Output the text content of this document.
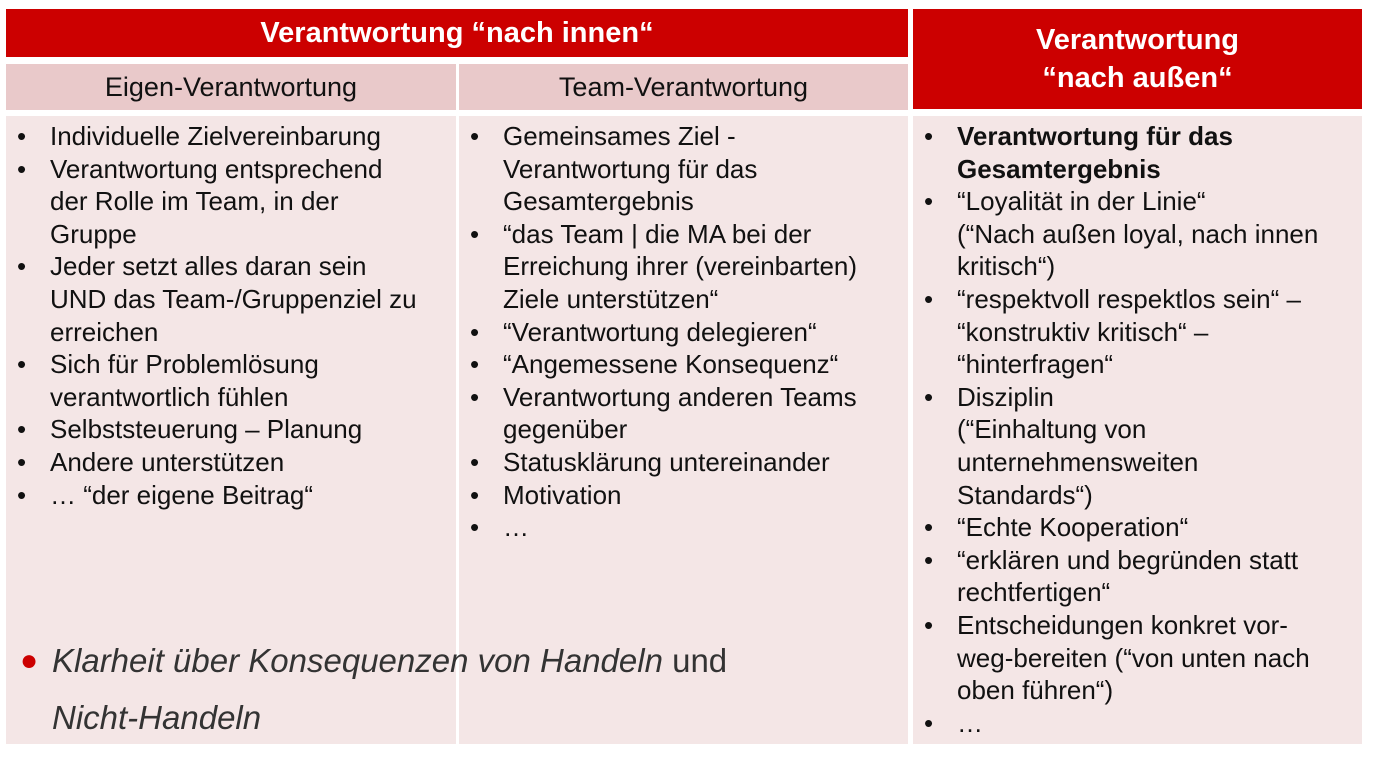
Verantwortung “nach innen“	Verantwortung
“nach außen“
Eigen-Verantwortung	Team-Verantwortung
• Individuelle Zielvereinbarung
• Verantwortung entsprechend
der Rolle im Team, in der
Gruppe
• Jeder setzt alles daran sein
UND das Team-/Gruppenziel zu
erreichen
• Sich für Problemlösung
verantwortlich fühlen
• Selbststeuerung – Planung
• Andere unterstützen
• … “der eigene Beitrag“
• Gemeinsames Ziel -
Verantwortung für das
Gesamtergebnis
• “das Team | die MA bei der
Erreichung ihrer (vereinbarten)
Ziele unterstützen“
• “Verantwortung delegieren“
• “Angemessene Konsequenz“
• Verantwortung anderen Teams
gegenüber
• Statusklärung untereinander
• Motivation
• …
• Verantwortung für das
Gesamtergebnis
• “Loyalität in der Linie“
(“Nach außen loyal, nach innen
kritisch“)
• “respektvoll respektlos sein“ –
“konstruktiv kritisch“ –
“hinterfragen“
• Disziplin
(“Einhaltung von
unternehmensweiten
Standards“)
• “Echte Kooperation“
• “erklären und begründen statt
rechtfertigen“
• Entscheidungen konkret vor-
weg-bereiten (“von unten nach
oben führen“)
• …
● Klarheit über Konsequenzen von Handeln und
Nicht-Handeln
